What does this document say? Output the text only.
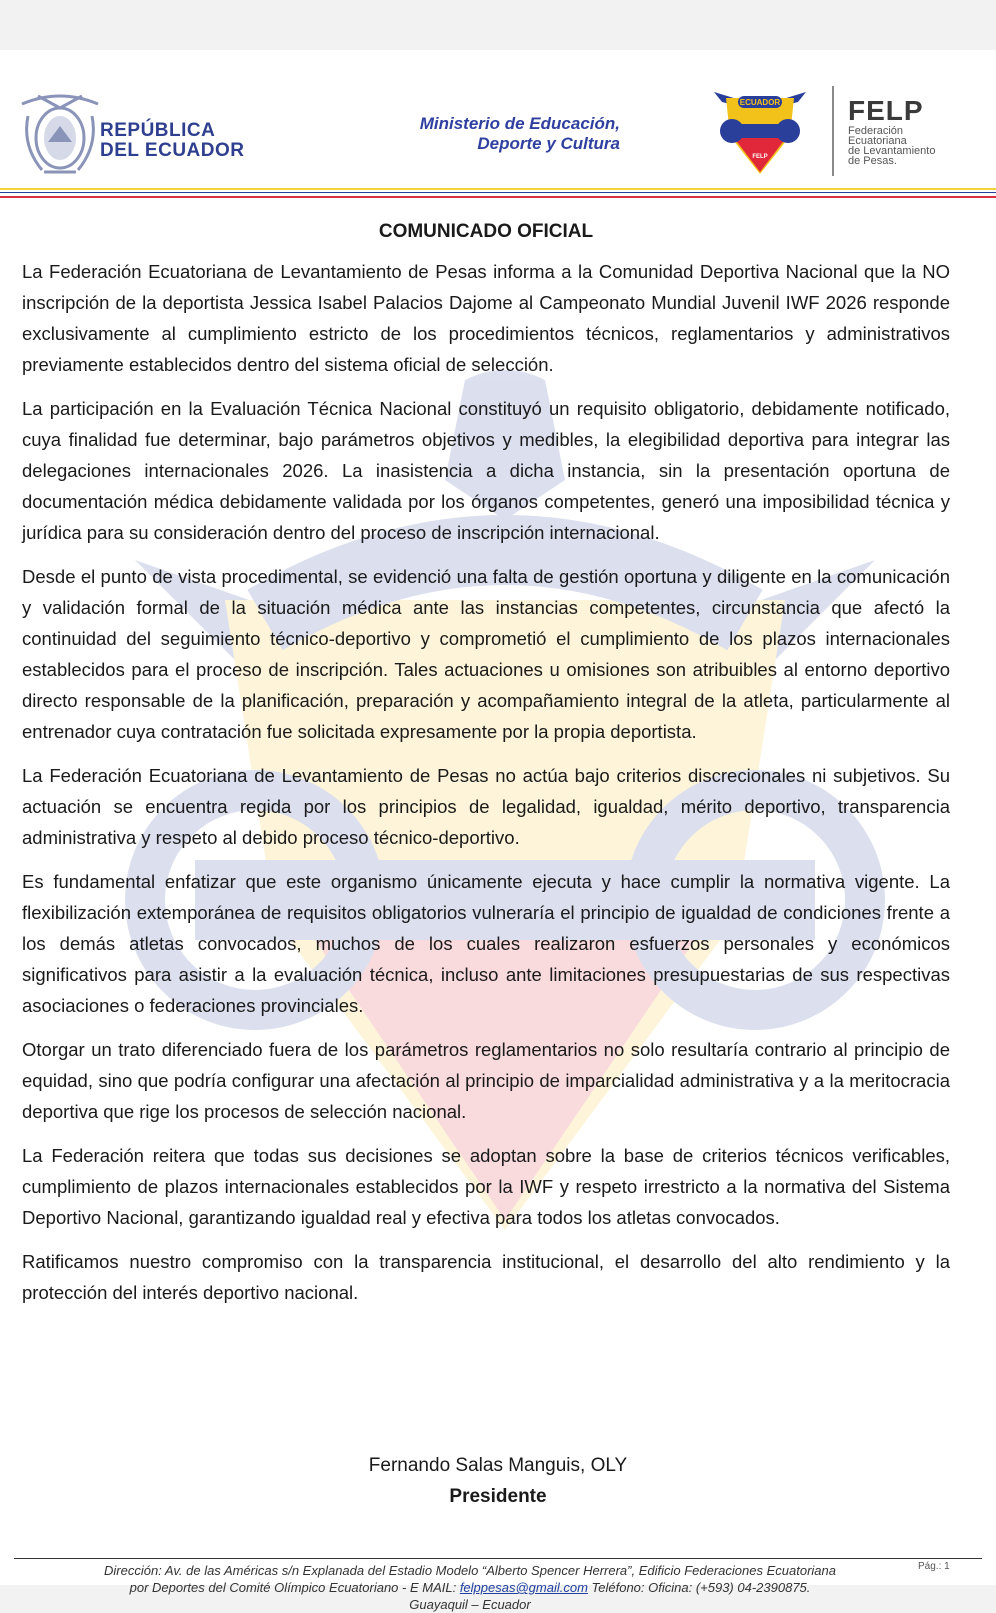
REPÚBLICA
DEL ECUADOR
Ministerio de Educación,
Deporte y Cultura
ECUADOR
FELP
FELP
Federación
Ecuatoriana
de Levantamiento
de Pesas.
COMUNICADO OFICIAL

La Federación Ecuatoriana de Levantamiento de Pesas informa a la Comunidad Deportiva Nacional que la NO inscripción de la deportista Jessica Isabel Palacios Dajome al Campeonato Mundial Juvenil IWF 2026 responde exclusivamente al cumplimiento estricto de los procedimientos técnicos, reglamentarios y administrativos previamente establecidos dentro del sistema oficial de selección.

La participación en la Evaluación Técnica Nacional constituyó un requisito obligatorio, debidamente notificado, cuya finalidad fue determinar, bajo parámetros objetivos y medibles, la elegibilidad deportiva para integrar las delegaciones internacionales 2026. La inasistencia a dicha instancia, sin la presentación oportuna de documentación médica debidamente validada por los órganos competentes, generó una imposibilidad técnica y jurídica para su consideración dentro del proceso de inscripción internacional.

Desde el punto de vista procedimental, se evidenció una falta de gestión oportuna y diligente en la comunicación y validación formal de la situación médica ante las instancias competentes, circunstancia que afectó la continuidad del seguimiento técnico-deportivo y comprometió el cumplimiento de los plazos internacionales establecidos para el proceso de inscripción. Tales actuaciones u omisiones son atribuibles al entorno deportivo directo responsable de la planificación, preparación y acompañamiento integral de la atleta, particularmente al entrenador cuya contratación fue solicitada expresamente por la propia deportista.

La Federación Ecuatoriana de Levantamiento de Pesas no actúa bajo criterios discrecionales ni subjetivos. Su actuación se encuentra regida por los principios de legalidad, igualdad, mérito deportivo, transparencia administrativa y respeto al debido proceso técnico-deportivo.

Es fundamental enfatizar que este organismo únicamente ejecuta y hace cumplir la normativa vigente. La flexibilización extemporánea de requisitos obligatorios vulneraría el principio de igualdad de condiciones frente a los demás atletas convocados, muchos de los cuales realizaron esfuerzos personales y económicos significativos para asistir a la evaluación técnica, incluso ante limitaciones presupuestarias de sus respectivas asociaciones o federaciones provinciales.

Otorgar un trato diferenciado fuera de los parámetros reglamentarios no solo resultaría contrario al principio de equidad, sino que podría configurar una afectación al principio de imparcialidad administrativa y a la meritocracia deportiva que rige los procesos de selección nacional.

La Federación reitera que todas sus decisiones se adoptan sobre la base de criterios técnicos verificables, cumplimiento de plazos internacionales establecidos por la IWF y respeto irrestricto a la normativa del Sistema Deportivo Nacional, garantizando igualdad real y efectiva para todos los atletas convocados.

Ratificamos nuestro compromiso con la transparencia institucional, el desarrollo del alto rendimiento y la protección del interés deportivo nacional.

Fernando Salas Manguis, OLY
Presidente
Dirección: Av. de las Américas s/n Explanada del Estadio Modelo “Alberto Spencer Herrera”, Edificio Federaciones Ecuatoriana
por Deportes del Comité Olímpico Ecuatoriano - E MAIL: felppesas@gmail.com Teléfono: Oficina: (+593) 04-2390875.
Guayaquil – Ecuador
Pág.: 1
